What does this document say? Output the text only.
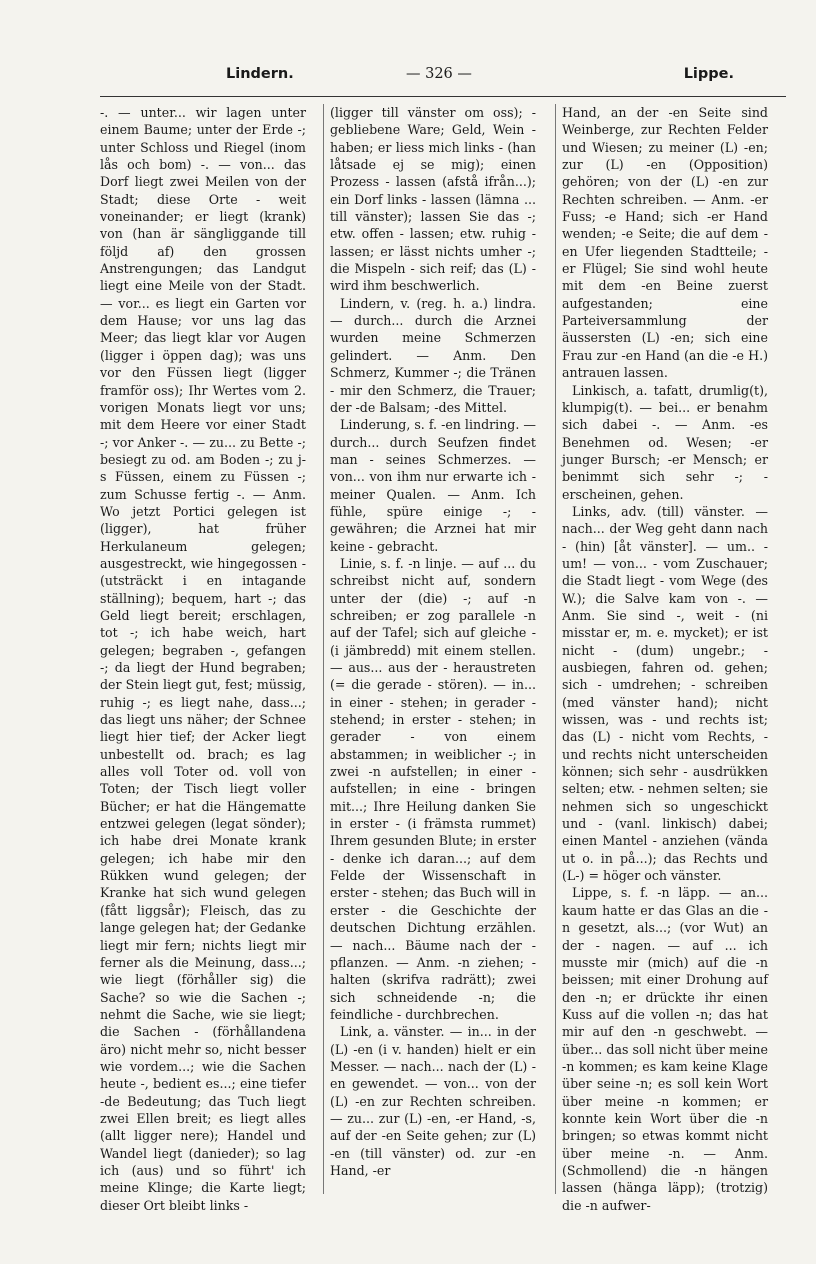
Lindern.	— 326 —	Lippe.

-. — unter... wir lagen unter einem Baume; unter der Erde -; unter Schloss und Riegel (inom lås och bom) -. — von... das Dorf liegt zwei Meilen von der Stadt; diese Orte - weit voneinander; er liegt (krank) von (han är sängliggande till följd af) den grossen Anstrengungen; das Landgut liegt eine Meile von der Stadt. — vor... es liegt ein Garten vor dem Hause; vor uns lag das Meer; das liegt klar vor Augen (ligger i öppen dag); was uns vor den Füssen liegt (ligger framför oss); Ihr Wertes vom 2. vorigen Monats liegt vor uns; mit dem Heere vor einer Stadt -; vor Anker -. — zu... zu Bette -; besiegt zu od. am Boden -; zu j-s Füssen, einem zu Füssen -; zum Schusse fertig -. — Anm. Wo jetzt Portici gelegen ist (ligger), hat früher Herkulaneum gelegen; ausgestreckt, wie hingegossen - (utsträckt i en intagande ställning); bequem, hart -; das Geld liegt bereit; erschlagen, tot -; ich habe weich, hart gelegen; begraben -, gefangen -; da liegt der Hund begraben; der Stein liegt gut, fest; müssig, ruhig -; es liegt nahe, dass...; das liegt uns näher; der Schnee liegt hier tief; der Acker liegt unbestellt od. brach; es lag alles voll Toter od. voll von Toten; der Tisch liegt voller Bücher; er hat die Hängematte entzwei gelegen (legat sönder); ich habe drei Monate krank gelegen; ich habe mir den Rükken wund gelegen; der Kranke hat sich wund gelegen (fått liggsår); Fleisch, das zu lange gelegen hat; der Gedanke liegt mir fern; nichts liegt mir ferner als die Meinung, dass...; wie liegt (förhåller sig) die Sache? so wie die Sachen -; nehmt die Sache, wie sie liegt; die Sachen - (förhållandena äro) nicht mehr so, nicht besser wie vordem...; wie die Sachen heute -, bedient es...; eine tiefer -de Bedeutung; das Tuch liegt zwei Ellen breit; es liegt alles (allt ligger nere); Handel und Wandel liegt (danieder); so lag ich (aus) und so führt' ich meine Klinge; die Karte liegt; dieser Ort bleibt links -

(ligger till vänster om oss); -gebliebene Ware; Geld, Wein - haben; er liess mich links - (han låtsade ej se mig); einen Prozess - lassen (afstå ifrån...); ein Dorf links - lassen (lämna ... till vänster); lassen Sie das -; etw. offen - lassen; etw. ruhig - lassen; er lässt nichts umher -; die Mispeln - sich reif; das (L) - wird ihm beschwerlich.

Lindern, v. (reg. h. a.) lindra. — durch... durch die Arznei wurden meine Schmerzen gelindert. — Anm. Den Schmerz, Kummer -; die Tränen - mir den Schmerz, die Trauer; der -de Balsam; -des Mittel.

Linderung, s. f. -en lindring. — durch... durch Seufzen findet man - seines Schmerzes. — von... von ihm nur erwarte ich - meiner Qualen. — Anm. Ich fühle, spüre einige -; - gewähren; die Arznei hat mir keine - gebracht.

Linie, s. f. -n linje. — auf ... du schreibst nicht auf, sondern unter der (die) -; auf -n schreiben; er zog parallele -n auf der Tafel; sich auf gleiche - (i jämbredd) mit einem stellen. — aus... aus der - heraustreten (= die gerade - stören). — in... in einer - stehen; in gerader - stehend; in erster - stehen; in gerader - von einem abstammen; in weiblicher -; in zwei -n aufstellen; in einer - aufstellen; in eine - bringen mit...; Ihre Heilung danken Sie in erster - (i främsta rummet) Ihrem gesunden Blute; in erster - denke ich daran...; auf dem Felde der Wissenschaft in erster - stehen; das Buch will in erster - die Geschichte der deutschen Dichtung erzählen. — nach... Bäume nach der - pflanzen. — Anm. -n ziehen; - halten (skrifva radrätt); zwei sich schneidende -n; die feindliche - durchbrechen.

Link, a. vänster. — in... in der (L) -en (i v. handen) hielt er ein Messer. — nach... nach der (L) -en gewendet. — von... von der (L) -en zur Rechten schreiben. — zu... zur (L) -en, -er Hand, -s, auf der -en Seite gehen; zur (L) -en (till vänster) od. zur -en Hand, -er

Hand, an der -en Seite sind Weinberge, zur Rechten Felder und Wiesen; zu meiner (L) -en; zur (L) -en (Opposition) gehören; von der (L) -en zur Rechten schreiben. — Anm. -er Fuss; -e Hand; sich -er Hand wenden; -e Seite; die auf dem -en Ufer liegenden Stadtteile; -er Flügel; Sie sind wohl heute mit dem -en Beine zuerst aufgestanden; eine Parteiversammlung der äussersten (L) -en; sich eine Frau zur -en Hand (an die -e H.) antrauen lassen.

Linkisch, a. tafatt, drumlig(t), klumpig(t). — bei... er benahm sich dabei -. — Anm. -es Benehmen od. Wesen; -er junger Bursch; -er Mensch; er benimmt sich sehr -; - erscheinen, gehen.

Links, adv. (till) vänster. — nach... der Weg geht dann nach - (hin) [åt vänster]. — um.. - um! — von... - vom Zuschauer; die Stadt liegt - vom Wege (des W.); die Salve kam von -. — Anm. Sie sind -, weit - (ni misstar er, m. e. mycket); er ist nicht - (dum) ungebr.; - ausbiegen, fahren od. gehen; sich - umdrehen; - schreiben (med vänster hand); nicht wissen, was - und rechts ist; das (L) - nicht vom Rechts, - und rechts nicht unterscheiden können; sich sehr - ausdrükken selten; etw. - nehmen selten; sie nehmen sich so ungeschickt und - (vanl. linkisch) dabei; einen Mantel - anziehen (vända ut o. in på...); das Rechts und (L-) = höger och vänster.

Lippe, s. f. -n läpp. — an... kaum hatte er das Glas an die -n gesetzt, als...; (vor Wut) an der - nagen. — auf ... ich musste mir (mich) auf die -n beissen; mit einer Drohung auf den -n; er drückte ihr einen Kuss auf die vollen -n; das hat mir auf den -n geschwebt. — über... das soll nicht über meine -n kommen; es kam keine Klage über seine -n; es soll kein Wort über meine -n kommen; er konnte kein Wort über die -n bringen; so etwas kommt nicht über meine -n. — Anm. (Schmollend) die -n hängen lassen (hänga läpp); (trotzig) die -n aufwer-
